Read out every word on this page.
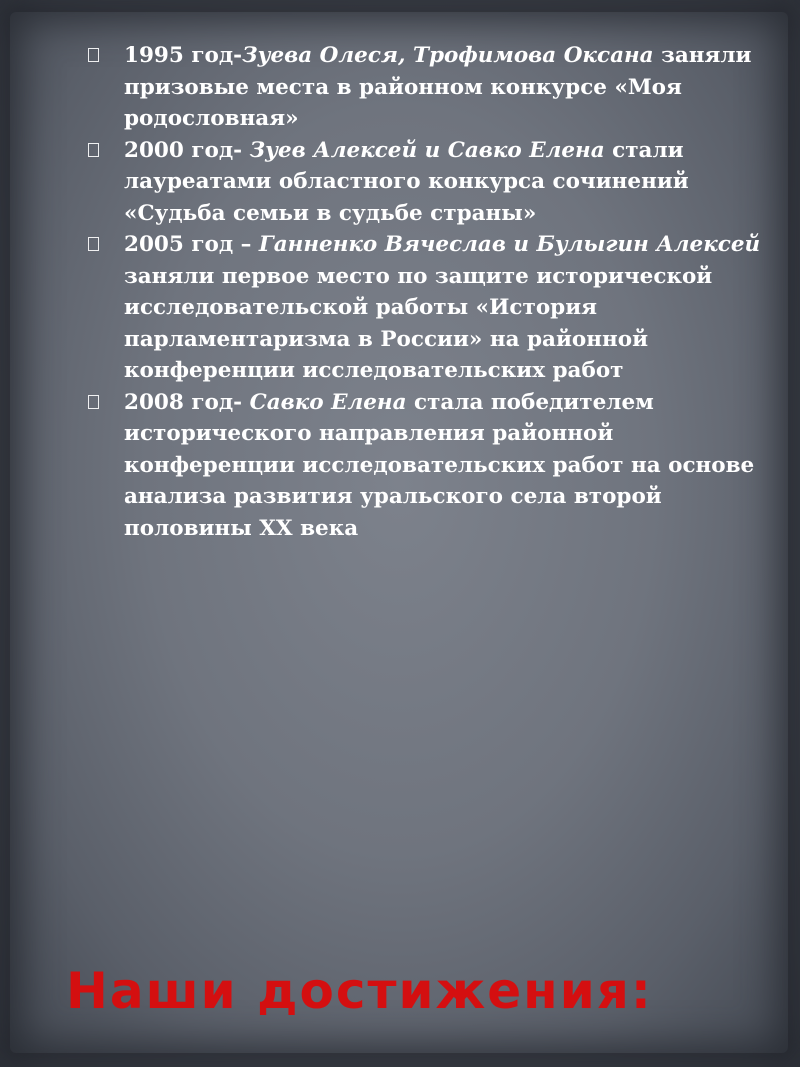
1995 год-Зуева Олеся, Трофимова Оксана заняли призовые места в районном конкурсе «Моя родословная»
2000 год- Зуев Алексей и Савко Елена стали лауреатами областного конкурса сочинений «Судьба семьи в судьбе страны»
2005 год – Ганненко Вячеслав и Булыгин Алексей заняли первое место по защите исторической исследовательской работы «История парламентаризма в России» на районной конференции исследовательских работ
2008 год- Савко Елена стала победителем исторического направления районной конференции исследовательских работ на основе анализа развития уральского села второй половины XX века
Наши достижения:
